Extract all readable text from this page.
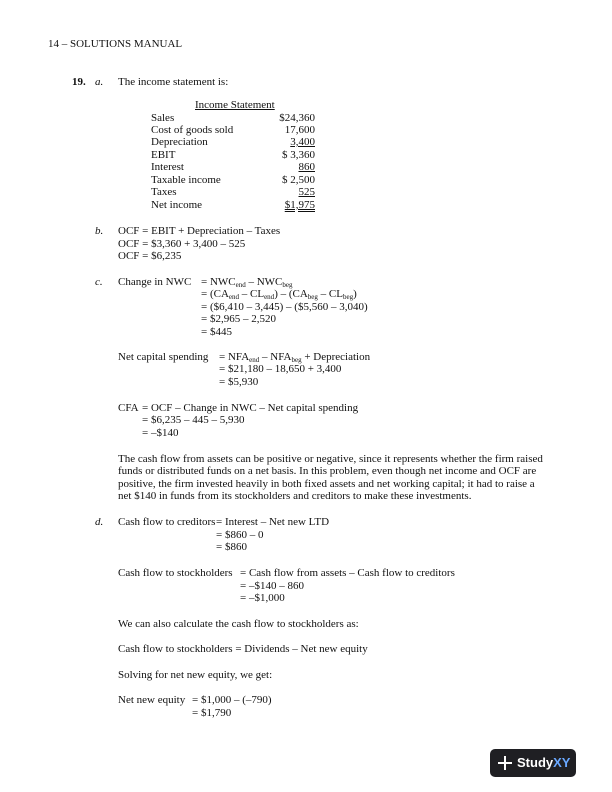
14 – SOLUTIONS MANUAL
19. a. The income statement is:
Income Statement
Sales	$24,360
Cost of goods sold	17,600
Depreciation	3,400
EBIT	$ 3,360
Interest	860
Taxable income	$ 2,500
Taxes	525
Net income	$1,975
b. OCF = EBIT + Depreciation – Taxes
OCF = $3,360 + 3,400 – 525
OCF = $6,235
c. Change in NWC = $NWC_{end} - NWC_{beg}$
= $(CA_{end} - CL_{end}) - (CA_{beg} - CL_{beg})$
= ($6,410 – 3,445) – ($5,560 – 3,040)
= $2,965 – 2,520
= $445
Net capital spending = $NFA_{end} - NFA_{beg}$ + Depreciation
= $21,180 – 18,650 + 3,400
= $5,930
CFA = OCF – Change in NWC – Net capital spending
= $6,235 – 445 – 5,930
= –$140
The cash flow from assets can be positive or negative, since it represents whether the firm raised
funds or distributed funds on a net basis. In this problem, even though net income and OCF are
positive, the firm invested heavily in both fixed assets and net working capital; it had to raise a
net $140 in funds from its stockholders and creditors to make these investments.
d. Cash flow to creditors = Interest – Net new LTD
= $860 – 0
= $860
Cash flow to stockholders = Cash flow from assets – Cash flow to creditors
= –$140 – 860
= –$1,000
We can also calculate the cash flow to stockholders as:
Cash flow to stockholders = Dividends – Net new equity
Solving for net new equity, we get:
Net new equity = $1,000 – (–790)
= $1,790
StudyXY
